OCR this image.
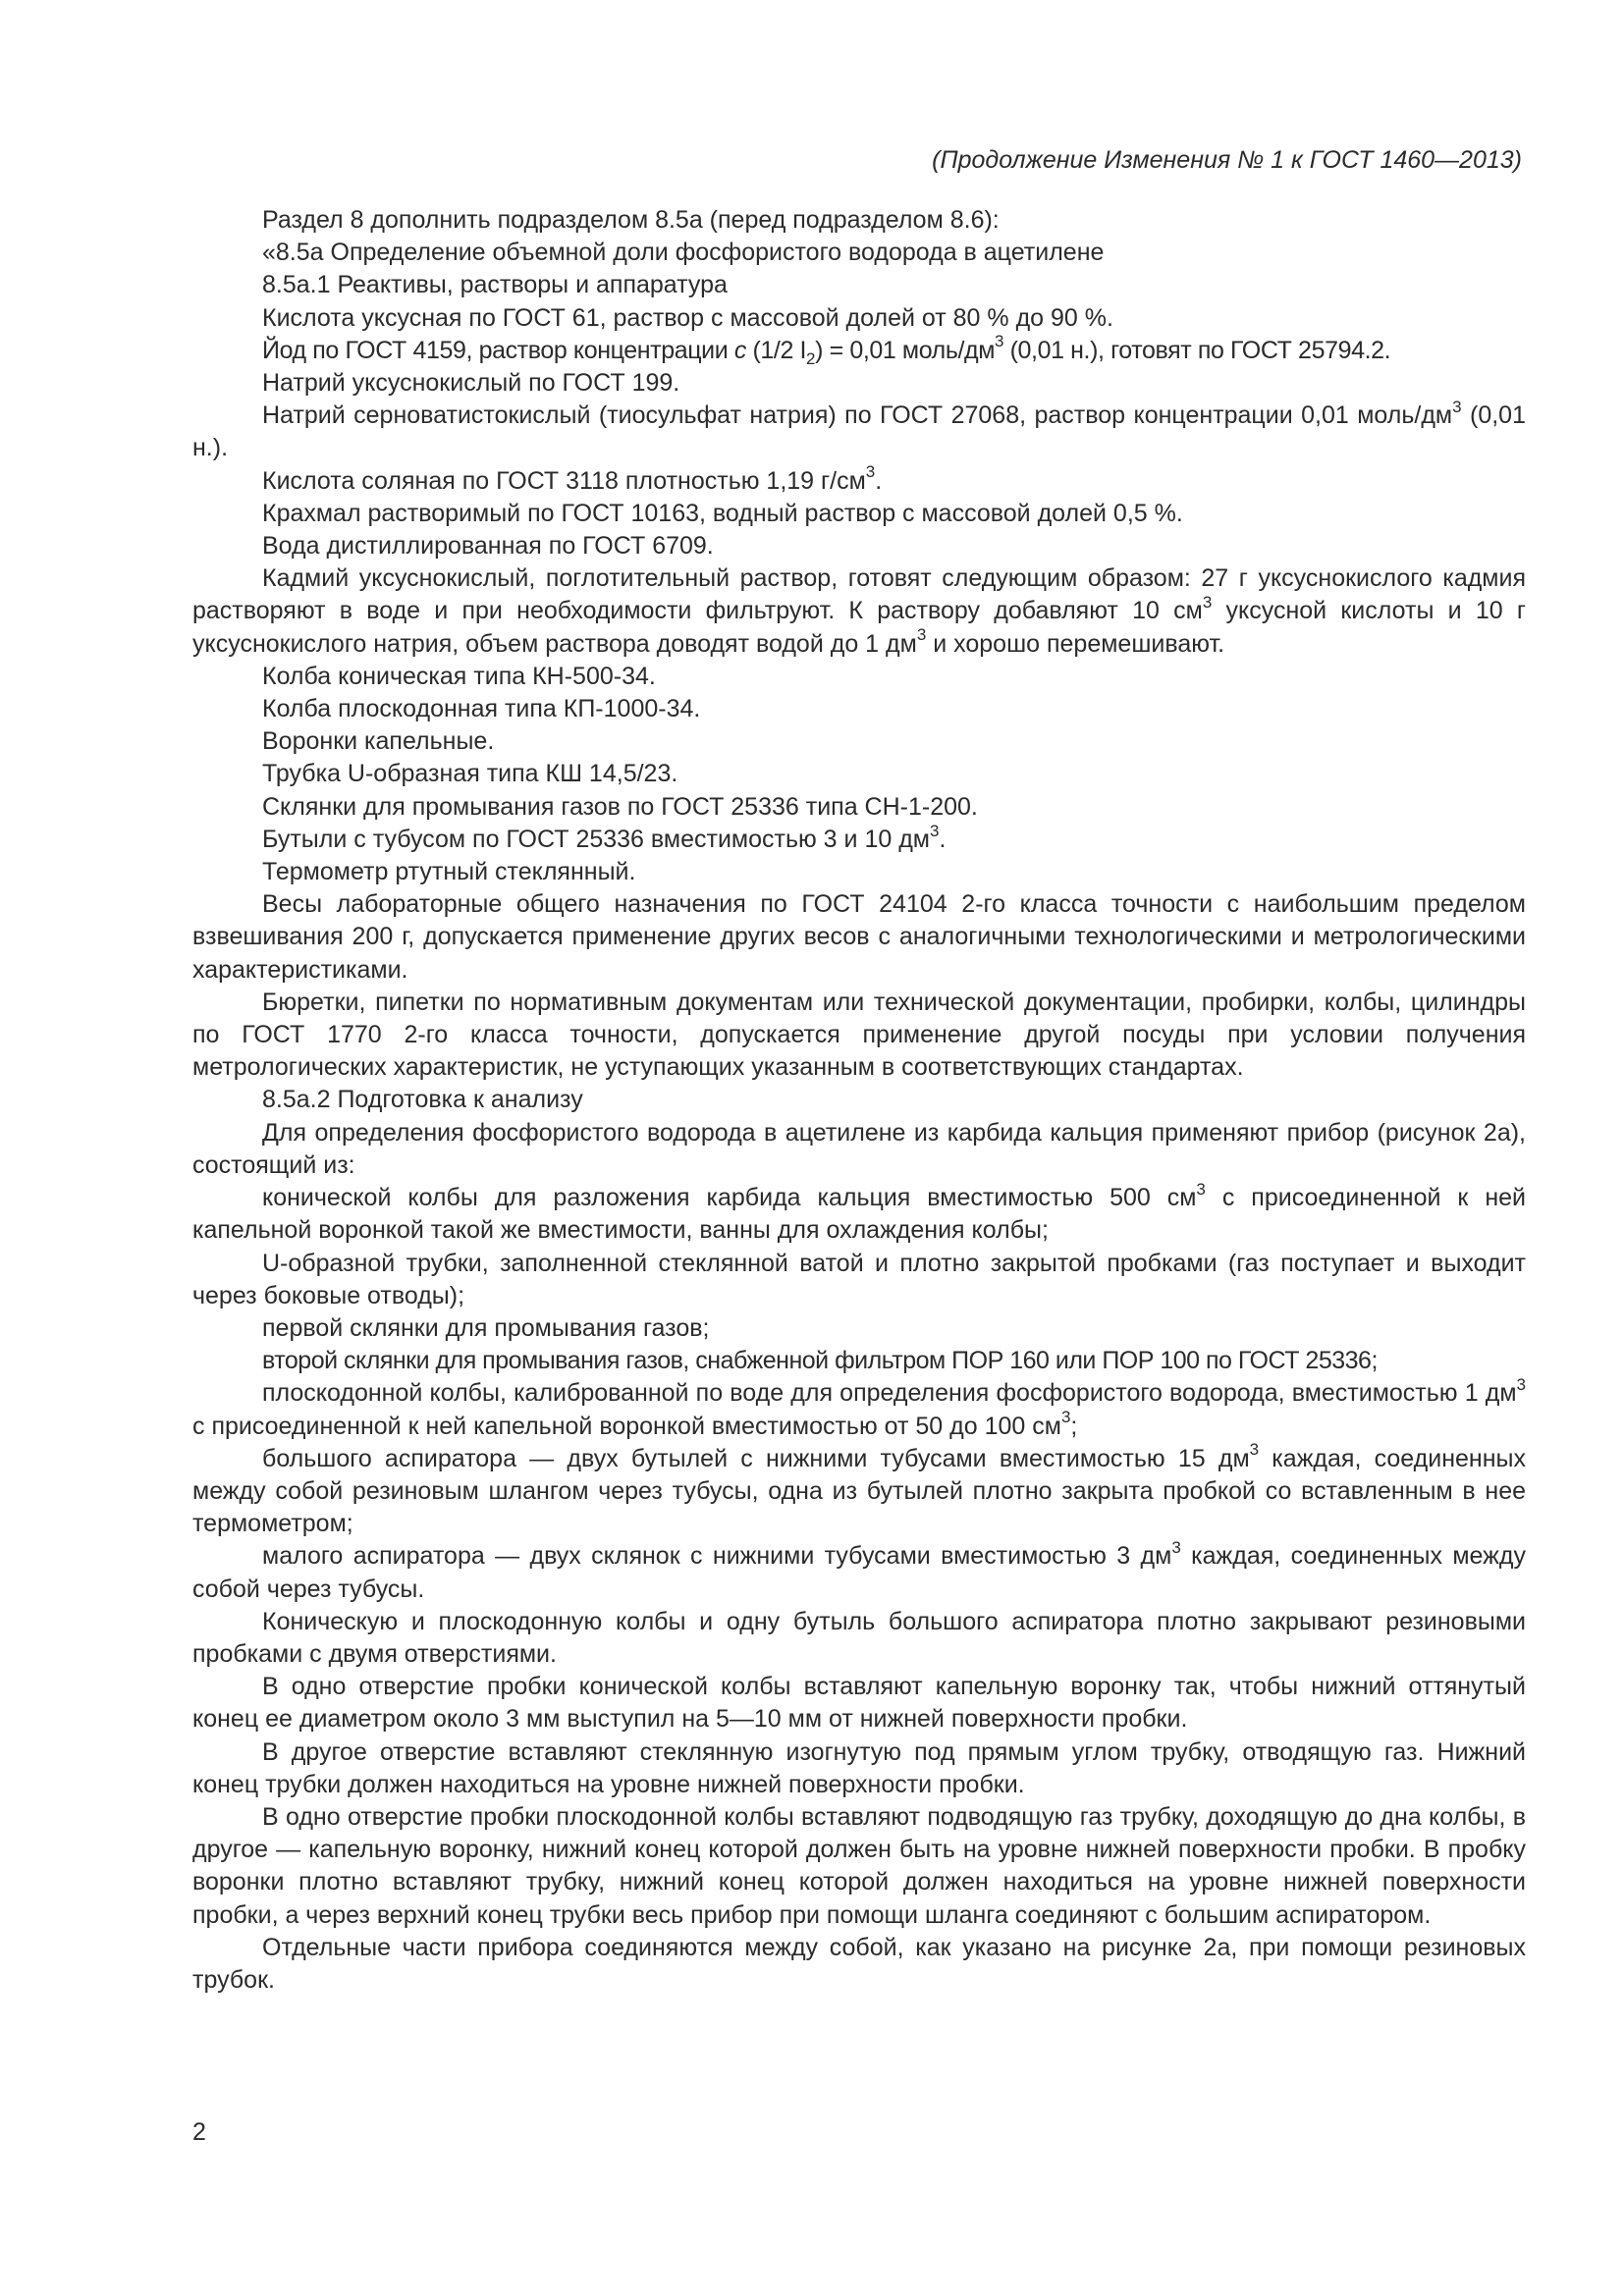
(Продолжение Изменения № 1 к ГОСТ 1460—2013)

Раздел 8 дополнить подразделом 8.5а (перед подразделом 8.6):

«8.5а Определение объемной доли фосфористого водорода в ацетилене

8.5а.1 Реактивы, растворы и аппаратура

Кислота уксусная по ГОСТ 61, раствор с массовой долей от 80 % до 90 %.

Йод по ГОСТ 4159, раствор концентрации c (1/2 $I_2) = 0,01$ моль/$дм^3$ (0,01 н.), готовят по ГОСТ 25794.2.

Натрий уксуснокислый по ГОСТ 199.

Натрий серноватистокислый (тиосульфат натрия) по ГОСТ 27068, раствор концентрации 0,01 моль/$дм^3$ (0,01 н.).

Кислота соляная по ГОСТ 3118 плотностью 1,19 $г/см^3$.

Крахмал растворимый по ГОСТ 10163, водный раствор с массовой долей 0,5 %.

Вода дистиллированная по ГОСТ 6709.

Кадмий уксуснокислый, поглотительный раствор, готовят следующим образом: 27 г уксуснокислого кадмия растворяют в воде и при необходимости фильтруют. К раствору добавляют 10 $см^3$ уксусной кислоты и 10 г уксуснокислого натрия, объем раствора доводят водой до 1 $дм^3$ и хорошо перемешивают.

Колба коническая типа КН-500-34.

Колба плоскодонная типа КП-1000-34.

Воронки капельные.

Трубка U-образная типа КШ 14,5/23.

Склянки для промывания газов по ГОСТ 25336 типа СН-1-200.

Бутыли с тубусом по ГОСТ 25336 вместимостью 3 и 10 $дм^3$.

Термометр ртутный стеклянный.

Весы лабораторные общего назначения по ГОСТ 24104 2-го класса точности с наибольшим пределом взвешивания 200 г, допускается применение других весов с аналогичными технологическими и метрологическими характеристиками.

Бюретки, пипетки по нормативным документам или технической документации, пробирки, колбы, цилиндры по ГОСТ 1770 2-го класса точности, допускается применение другой посуды при условии получения метрологических характеристик, не уступающих указанным в соответствующих стандартах.

8.5а.2 Подготовка к анализу

Для определения фосфористого водорода в ацетилене из карбида кальция применяют прибор (рисунок 2а), состоящий из:

конической колбы для разложения карбида кальция вместимостью 500 $см^3$ с присоединенной к ней капельной воронкой такой же вместимости, ванны для охлаждения колбы;

U-образной трубки, заполненной стеклянной ватой и плотно закрытой пробками (газ поступает и выходит через боковые отводы);

первой склянки для промывания газов;

второй склянки для промывания газов, снабженной фильтром ПОР 160 или ПОР 100 по ГОСТ 25336;

плоскодонной колбы, калиброванной по воде для определения фосфористого водорода, вместимостью 1 $дм^3$ с присоединенной к ней капельной воронкой вместимостью от 50 до 100 $см^3$;

большого аспиратора — двух бутылей с нижними тубусами вместимостью 15 $дм^3$ каждая, соединенных между собой резиновым шлангом через тубусы, одна из бутылей плотно закрыта пробкой со вставленным в нее термометром;

малого аспиратора — двух склянок с нижними тубусами вместимостью 3 $дм^3$ каждая, соединенных между собой через тубусы.

Коническую и плоскодонную колбы и одну бутыль большого аспиратора плотно закрывают резиновыми пробками с двумя отверстиями.

В одно отверстие пробки конической колбы вставляют капельную воронку так, чтобы нижний оттянутый конец ее диаметром около 3 мм выступил на 5—10 мм от нижней поверхности пробки.

В другое отверстие вставляют стеклянную изогнутую под прямым углом трубку, отводящую газ. Нижний конец трубки должен находиться на уровне нижней поверхности пробки.

В одно отверстие пробки плоскодонной колбы вставляют подводящую газ трубку, доходящую до дна колбы, в другое — капельную воронку, нижний конец которой должен быть на уровне нижней поверхности пробки. В пробку воронки плотно вставляют трубку, нижний конец которой должен находиться на уровне нижней поверхности пробки, а через верхний конец трубки весь прибор при помощи шланга соединяют с большим аспиратором.

Отдельные части прибора соединяются между собой, как указано на рисунке 2а, при помощи резиновых трубок.

2
